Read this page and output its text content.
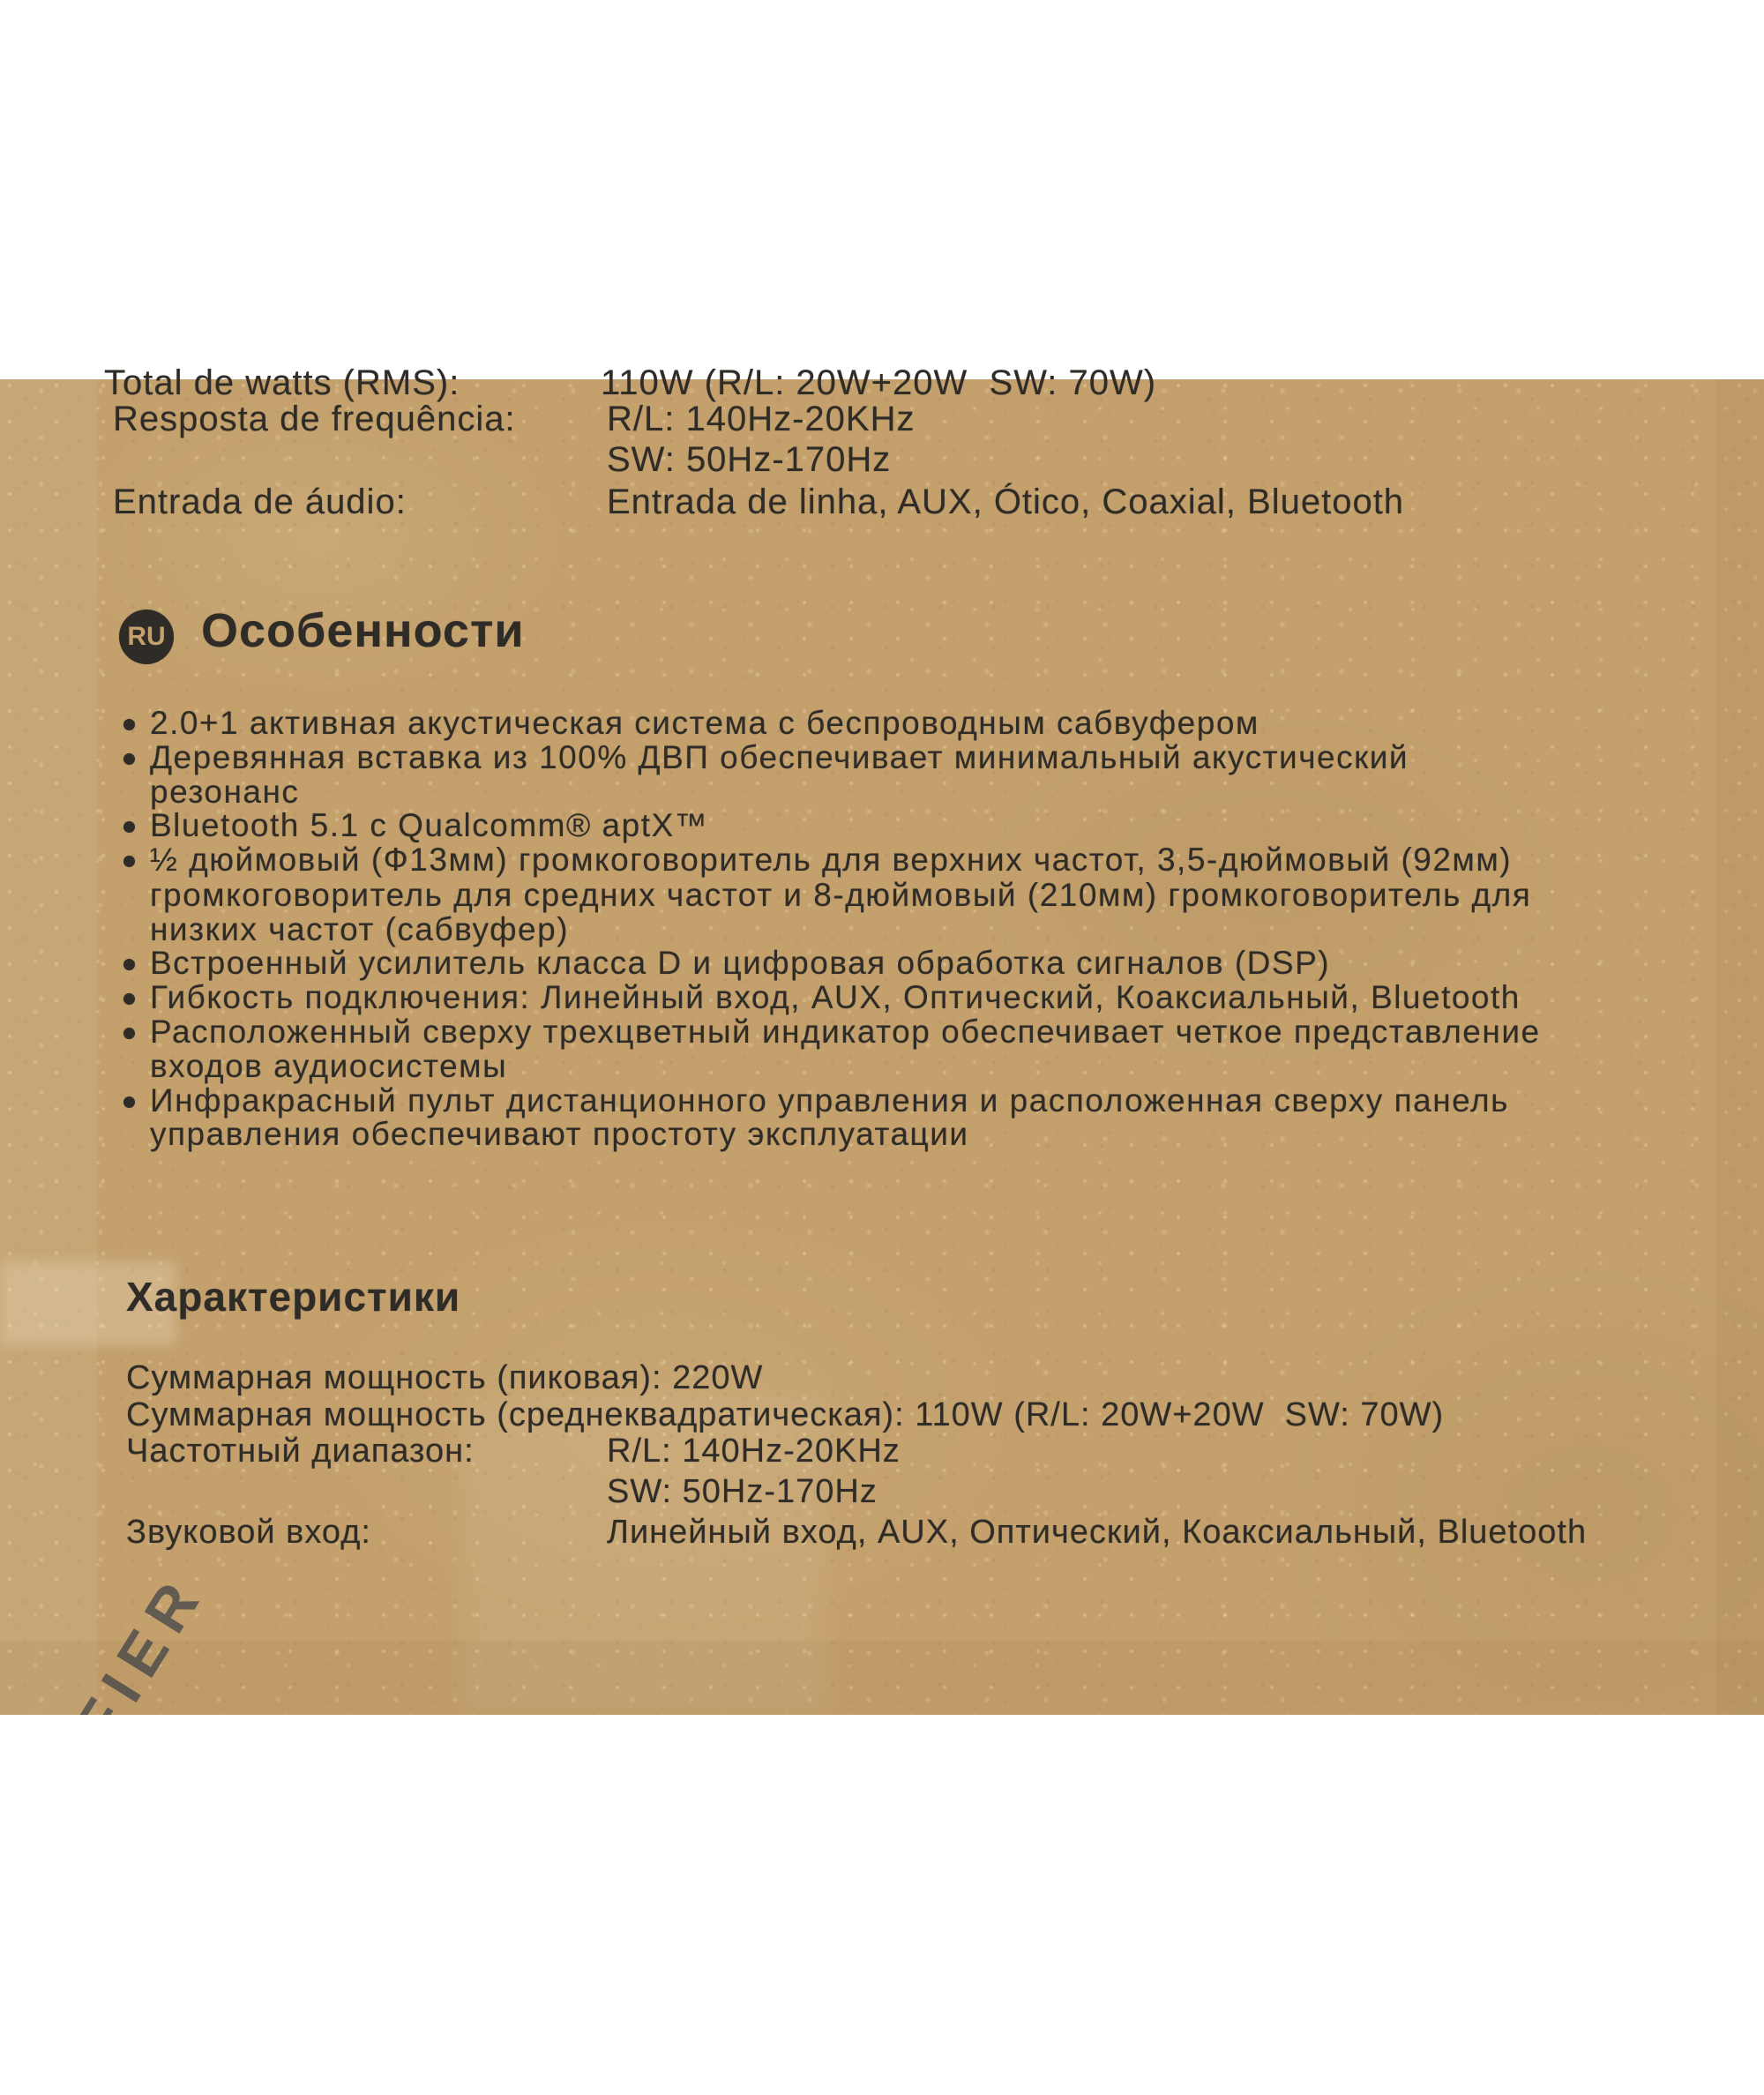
Total de watts (RMS):	110W (R/L: 20W+20W  SW: 70W)
Resposta de frequência:	R/L: 140Hz-20KHz
SW: 50Hz-170Hz
Entrada de áudio:	Entrada de linha, AUX, Ótico, Coaxial, Bluetooth
RU Особенности
2.0+1 активная акустическая система с беспроводным сабвуфером
Деревянная вставка из 100% ДВП обеспечивает минимальный акустический
резонанс
Bluetooth 5.1 с Qualcomm® aptX™
½ дюймовый (Ф13мм) громкоговоритель для верхних частот, 3,5-дюймовый (92мм)
громкоговоритель для средних частот и 8-дюймовый (210мм) громкоговоритель для
низких частот (сабвуфер)
Встроенный усилитель класса D и цифровая обработка сигналов (DSP)
Гибкость подключения: Линейный вход, AUX, Оптический, Коаксиальный, Bluetooth
Расположенный сверху трехцветный индикатор обеспечивает четкое представление
входов аудиосистемы
Инфракрасный пульт дистанционного управления и расположенная сверху панель
управления обеспечивают простоту эксплуатации
Характеристики
Суммарная мощность (пиковая): 220W
Суммарная мощность (среднеквадратическая): 110W (R/L: 20W+20W  SW: 70W)
Частотный диапазон:	R/L: 140Hz-20KHz
SW: 50Hz-170Hz
Звуковой вход:	Линейный вход, AUX, Оптический, Коаксиальный, Bluetooth
